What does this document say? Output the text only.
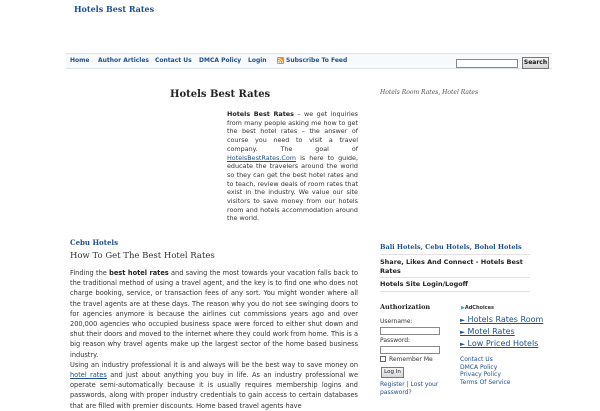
Hotels Best Rates
Home Author Articles Contact Us DMCA Policy Login	Subscribe To Feed	Search
Hotels Best Rates
Hotels Best Rates – we get inquiries from many people asking me how to get the best hotel rates – the answer of course you need to visit a travel company. The goal of HotelsBestRates.Com is here to guide, educate the travelers around the world so they can get the best hotel rates and to teach, review deals of room rates that exist in the industry. We value our site visitors to save money from our hotels room and hotels accommodation around the world.
Cebu Hotels
How To Get The Best Hotel Rates

Finding the best hotel rates and saving the most towards your vacation falls back to the traditional method of using a travel agent, and the key is to find one who does not charge booking, service, or transaction fees of any sort. You might wonder where all the travel agents are at these days. The reason why you do not see swinging doors to for agencies anymore is because the airlines cut commissions years ago and over 200,000 agencies who occupied business space were forced to either shut down and shut their doors and moved to the internet where they could work from home. This is a big reason why travel agents make up the largest sector of the home based business industry.

Using an industry professional it is and always will be the best way to save money on hotel rates and just about anything you buy in life. As an industry professional we operate semi-automatically because it is usually requires membership logins and passwords, along with proper industry credentials to gain access to certain databases that are filled with premier discounts. Home based travel agents have

Hotels Room Rates, Hotel Rates
Bali Hotels, Cebu Hotels, Bohol Hotels
Share, Likes And Connect - Hotels Best Rates
Hotels Site Login/Logoff
Authorization
Username:
Password:
Remember Me
Log In
Register | Lost your password?
▶AdChoices
► Hotels Rates Room
► Motel Rates
► Low Priced Hotels
Contact Us
DMCA Policy
Privacy Policy
Terms Of Service
